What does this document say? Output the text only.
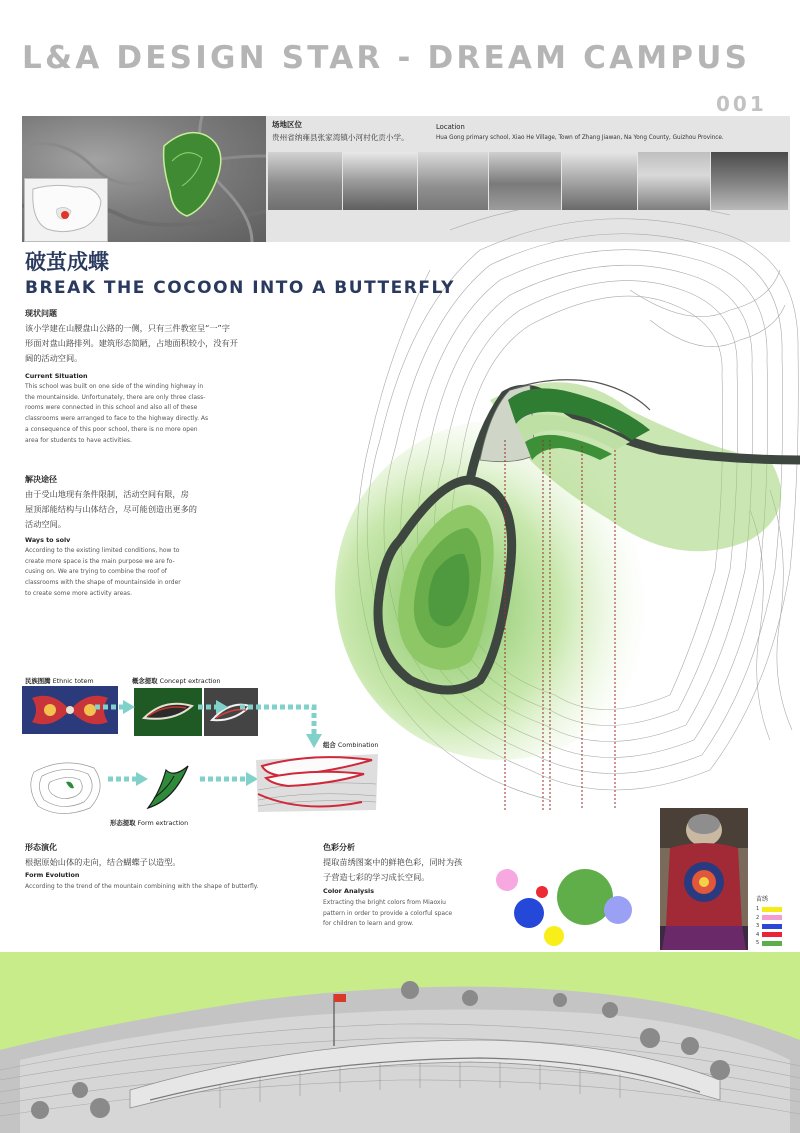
L&A DESIGN STAR - DREAM CAMPUS
001
场地区位
贵州省纳雍县张家湾镇小河村化贡小学。
Location
Hua Gong primary school, Xiao He Village, Town of Zhang Jiawan, Na Yong County, Guizhou Province.
破茧成蝶
BREAK THE COCOON INTO A BUTTERFLY
现状问题
该小学建在山腰盘山公路的一侧，只有三件教室呈“一”字
形面对盘山路排列。建筑形态简陋，占地面积较小，没有开
阔的活动空间。
Current Situation
This school was built on one side of the winding highway in
the mountainside. Unfortunately, there are only three class-
rooms were connected in this school and also all of these
classrooms were arranged to face to the highway directly. As
a consequence of this poor school, there is no more open
area for students to have activities.
解决途径
由于受山地现有条件限制，活动空间有限，房
屋顶部能结构与山体结合，尽可能创造出更多的
活动空间。
Ways to solv
According to the existing limited conditions, how to
create more space is the main purpose we are fo-
cusing on. We are trying to combine the roof of
classrooms with the shape of mountainside in order
to create some more activity areas.
民族图腾 Ethnic totem	概念提取 Concept extraction
组合 Combination
形态提取 Form extraction
形态演化
根据原始山体的走向，结合蝴蝶子以造型。
Form Evolution
According to the trend of the mountain combining with the shape of butterfly.
色彩分析
提取苗绣图案中的鲜艳色彩，同时为孩
子营造七彩的学习成长空间。
Color Analysis
Extracting the bright colors from Miaoxiu
pattern in order to provide a colorful space
for children to learn and grow.
苗绣
1
2
3
4
5
